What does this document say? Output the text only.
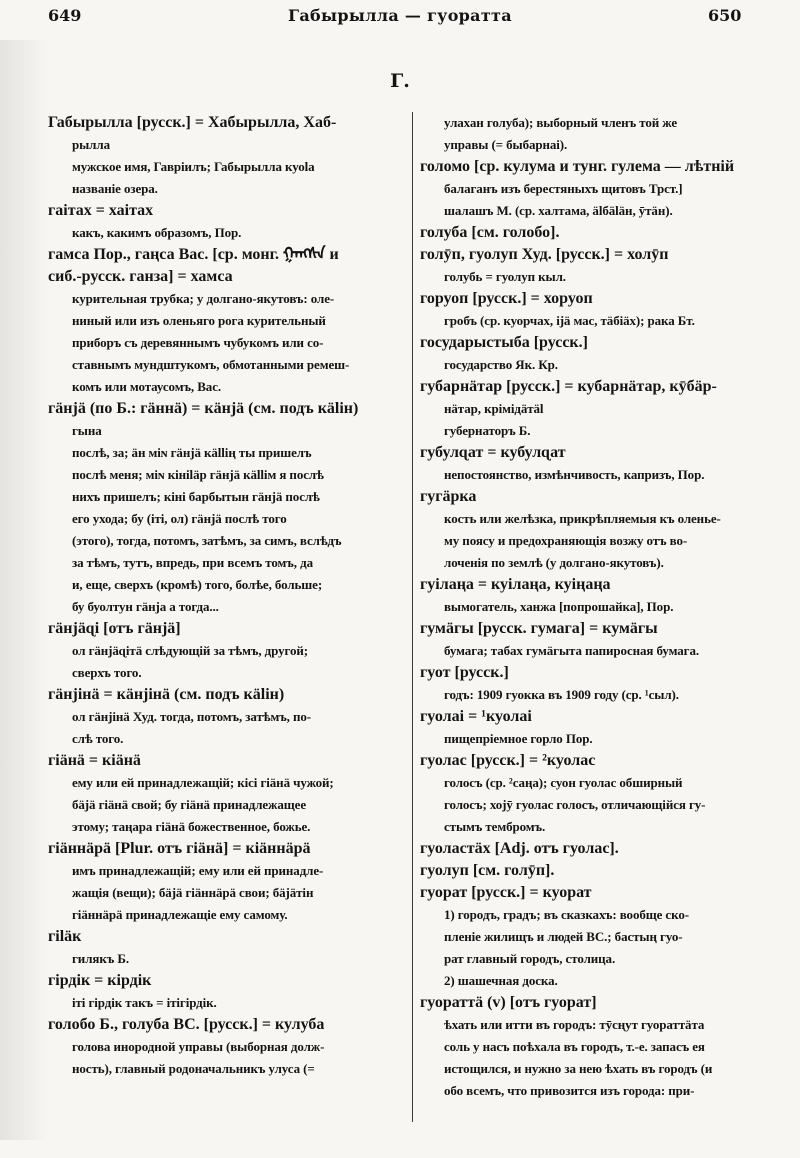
649	Габырылла — гуоратта	650
Г.
Габырылла [русск.] = Хабырылла, Хаб-
рылла
мужское имя, Гавріилъ; Габырылла куоlа
названіе озера.
гаiтах = хаiтах
какъ, какимъ образомъ, Пор.
гамса Пор., гаңса Вас. [ср. монг. ᠭᠠᠩᠰᠠ и
сиб.-русск. ганза] = хамса
курительная трубка; у долгано-якутовъ: оле-
ниный или изъ оленьяго рога курительный
приборъ съ деревяннымъ чубукомъ или со-
ставнымъ мундштукомъ, обмотанными ремеш-
комъ или мотаусомъ, Вас.
гäнjä (по Б.: гäннä) = кäнjä (см. подъ кälін)
гына
послѣ, за; äн міɴ гäнjä кällің ты пришелъ
послѣ меня; міɴ кініläр гäнjä кällім я послѣ
нихъ пришелъ; кіні барбытын гäнjä послѣ
его ухода; бу (іті, ол) гäнjä послѣ того
(этого), тогда, потомъ, затѣмъ, за симъ, вслѣдъ
за тѣмъ, тутъ, впредь, при всемъ томъ, да
и, еще, сверхъ (кромѣ) того, болѣе, больше;
бу буолтун гäнjа а тогда...
гäнjäɋi [отъ гäнjä]
ол гäнjäɋітä слѣдующій за тѣмъ, другой;
сверхъ того.
гäнjінä = кäнjінä (см. подъ кälін)
ол гäнjінä Худ. тогда, потомъ, затѣмъ, по-
слѣ того.
гіäнä = кіäнä
ему или ей принадлежащій; кісі гіäнä чужой;
бäjä гіäнä свой; бу гіäнä принадлежащее
этому; таңара гіäнä божественное, божье.
гіäннäрä [Plur. отъ гіäнä] = кіäннäрä
имъ принадлежащій; ему или ей принадле-
жащія (вещи); бäjä гіäннäрä свои; бäjäтін
гіäннäрä принадлежащіе ему самому.
гіläк
гилякъ Б.
гірдік = кірдік
іті гірдік такъ = ітігірдік.
голобо Б., голуба ВС. [русск.] = кулуба
голова инородной управы (выборная долж-
ность), главный родоначальникъ улуса (=
улахан голуба); выборный членъ той же
управы (= быбарнаі).
голомо [ср. кулума и тунг. гулема — лѣтній
балаганъ изъ берестяныхъ щитовъ Трст.]
шалашъ М. (ср. халтама, älбäläн, ӯтäн).
голуба [см. голобо].
голӯп, гуолуп Худ. [русск.] = холӯп
голубь = гуолуп кыл.
горуоп [русск.] = хоруоп
гробъ (ср. куорчах, іjä мас, тäбіäх); рака Бт.
государыстыба [русск.]
государство Як. Кр.
губарнäтар [русск.] = кубарнäтар, кӯбäр-
нäтар, крімідäтäl
губернаторъ Б.
губулɋат = кубулɋат
непостоянство, измѣнчивость, капризъ, Пор.
гугäрка
кость или желѣзка, прикрѣпляемыя къ оленье-
му поясу и предохраняющія возжу отъ во-
лоченія по землѣ (у долгано-якутовъ).
гуiлаңа = куiлаңа, куiңаңа
вымогатель, ханжа [попрошайка], Пор.
гумäгы [русск. гумага] = кумäгы
бумага; табах гумäгыта папиросная бумага.
гуот [русск.]
годъ: 1909 гуокка въ 1909 году (ср. ¹сыл).
гуолаі = ¹куолаі
пищепріемное горло Пор.
гуолас [русск.] = ²куолас
голосъ (ср. ²саңа); суон гуолас обширный
голосъ; хоjӯ гуолас голосъ, отличающійся гу-
стымъ тембромъ.
гуоластäх [Adj. отъ гуолас].
гуолуп [см. голӯп].
гуорат [русск.] = куорат
1) городъ, градъ; въ сказкахъ: вообще ско-
пленіе жилищъ и людей ВС.; бастың гуо-
рат главный городъ, столица.
2) шашечная доска.
гуораттä (v) [отъ гуорат]
ѣхать или итти въ городъ: тӯсңут гуораттäта
соль у насъ поѣхала въ городъ, т.-е. запасъ ея
истощился, и нужно за нею ѣхать въ городъ (и
обо всемъ, что привозится изъ города: при-
